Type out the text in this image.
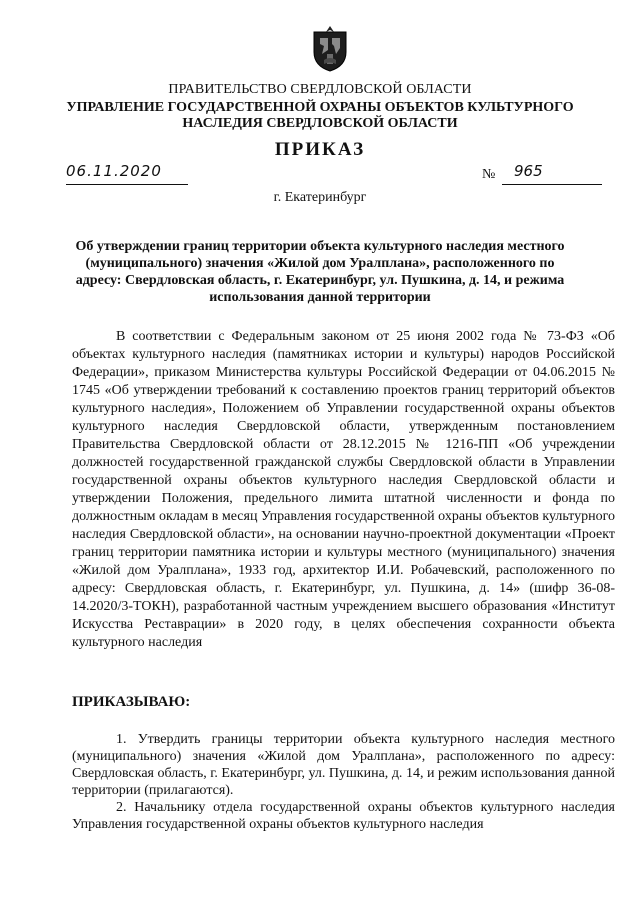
ПРАВИТЕЛЬСТВО СВЕРДЛОВСКОЙ ОБЛАСТИ
УПРАВЛЕНИЕ ГОСУДАРСТВЕННОЙ ОХРАНЫ ОБЪЕКТОВ КУЛЬТУРНОГО НАСЛЕДИЯ СВЕРДЛОВСКОЙ ОБЛАСТИ
ПРИКАЗ
06.11.2020	№ 965
г. Екатеринбург
Об утверждении границ территории объекта культурного наследия местного (муниципального) значения «Жилой дом Уралплана», расположенного по адресу: Свердловская область, г. Екатеринбург, ул. Пушкина, д. 14, и режима использования данной территории

В соответствии с Федеральным законом от 25 июня 2002 года № 73-ФЗ «Об объектах культурного наследия (памятниках истории и культуры) народов Российской Федерации», приказом Министерства культуры Российской Федерации от 04.06.2015 № 1745 «Об утверждении требований к составлению проектов границ территорий объектов культурного наследия», Положением об Управлении государственной охраны объектов культурного наследия Свердловской области, утвержденным постановлением Правительства Свердловской области от 28.12.2015 № 1216-ПП «Об учреждении должностей государственной гражданской службы Свердловской области в Управлении государственной охраны объектов культурного наследия Свердловской области и утверждении Положения, предельного лимита штатной численности и фонда по должностным окладам в месяц Управления государственной охраны объектов культурного наследия Свердловской области», на основании научно-проектной документации «Проект границ территории памятника истории и культуры местного (муниципального) значения «Жилой дом Уралплана», 1933 год, архитектор И.И. Робачевский, расположенного по адресу: Свердловская область, г. Екатеринбург, ул. Пушкина, д. 14» (шифр 36-08-14.2020/3-ТОКН), разработанной частным учреждением высшего образования «Институт Искусства Реставрации» в 2020 году, в целях обеспечения сохранности объекта культурного наследия

ПРИКАЗЫВАЮ:

1. Утвердить границы территории объекта культурного наследия местного (муниципального) значения «Жилой дом Уралплана», расположенного по адресу: Свердловская область, г. Екатеринбург, ул. Пушкина, д. 14, и режим использования данной территории (прилагаются).

2. Начальнику отдела государственной охраны объектов культурного наследия Управления государственной охраны объектов культурного наследия
